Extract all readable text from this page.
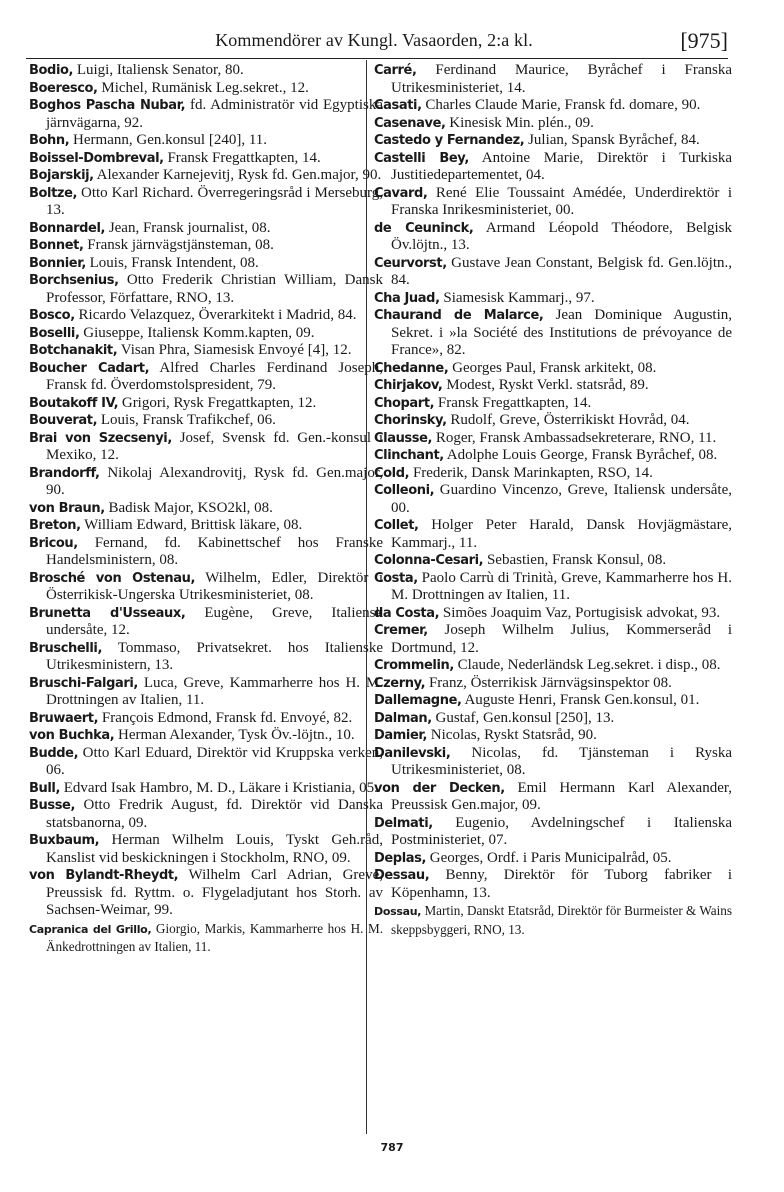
Kommendörer av Kungl. Vasaorden, 2:a kl.	[975]

Bodio, Luigi, Italiensk Senator, 80.

Boeresco, Michel, Rumänisk Leg.sekret., 12.

Boghos Pascha Nubar, fd. Administratör vid Egyptiska järnvägarna, 92.

Bohn, Hermann, Gen.konsul [240], 11.

Boissel-Dombreval, Fransk Fregattkapten, 14.

Bojarskij, Alexander Karnejevitj, Rysk fd. Gen.major, 90.

Boltze, Otto Karl Richard. Överregeringsråd i Merseburg, 13.

Bonnardel, Jean, Fransk journalist, 08.

Bonnet, Fransk järnvägstjänsteman, 08.

Bonnier, Louis, Fransk Intendent, 08.

Borchsenius, Otto Frederik Christian William, Dansk Professor, Författare, RNO, 13.

Bosco, Ricardo Velazquez, Överarkitekt i Madrid, 84.

Boselli, Giuseppe, Italiensk Komm.kapten, 09.

Botchanakit, Visan Phra, Siamesisk Envoyé [4], 12.

Boucher Cadart, Alfred Charles Ferdinand Joseph, Fransk fd. Överdomstolspresident, 79.

Boutakoff IV, Grigori, Rysk Fregattkapten, 12.

Bouverat, Louis, Fransk Trafikchef, 06.

Brai von Szecsenyi, Josef, Svensk fd. Gen.-konsul i Mexiko, 12.

Brandorff, Nikolaj Alexandrovitj, Rysk fd. Gen.major, 90.

von Braun, Badisk Major, KSO2kl, 08.

Breton, William Edward, Brittisk läkare, 08.

Bricou, Fernand, fd. Kabinettschef hos Franske Handelsministern, 08.

Brosché von Ostenau, Wilhelm, Edler, Direktör i Österrikisk-Ungerska Utrikesministeriet, 08.

Brunetta d'Usseaux, Eugène, Greve, Italiensk undersåte, 12.

Bruschelli, Tommaso, Privatsekret. hos Italienske Utrikesministern, 13.

Bruschi-Falgari, Luca, Greve, Kammarherre hos H. M. Drottningen av Italien, 11.

Bruwaert, François Edmond, Fransk fd. Envoyé, 82.

von Buchka, Herman Alexander, Tysk Öv.-löjtn., 10.

Budde, Otto Karl Eduard, Direktör vid Kruppska verken, 06.

Bull, Edvard Isak Hambro, M. D., Läkare i Kristiania, 05.

Busse, Otto Fredrik August, fd. Direktör vid Danska statsbanorna, 09.

Buxbaum, Herman Wilhelm Louis, Tyskt Geh.råd, Kanslist vid beskickningen i Stockholm, RNO, 09.

von Bylandt-Rheydt, Wilhelm Carl Adrian, Greve, Preussisk fd. Ryttm. o. Flygeladjutant hos Storh. av Sachsen-Weimar, 99.

Capranica del Grillo, Giorgio, Markis, Kammarherre hos H. M. Änkedrottningen av Italien, 11.

Carré, Ferdinand Maurice, Byråchef i Franska Utrikesministeriet, 14.

Casati, Charles Claude Marie, Fransk fd. domare, 90.

Casenave, Kinesisk Min. plén., 09.

Castedo y Fernandez, Julian, Spansk Byråchef, 84.

Castelli Bey, Antoine Marie, Direktör i Turkiska Justitiedepartementet, 04.

Cavard, René Elie Toussaint Amédée, Underdirektör i Franska Inrikesministeriet, 00.

de Ceuninck, Armand Léopold Théodore, Belgisk Öv.löjtn., 13.

Ceurvorst, Gustave Jean Constant, Belgisk fd. Gen.löjtn., 84.

Cha Juad, Siamesisk Kammarj., 97.

Chaurand de Malarce, Jean Dominique Augustin, Sekret. i »la Société des Institutions de prévoyance de France», 82.

Chedanne, Georges Paul, Fransk arkitekt, 08.

Chirjakov, Modest, Ryskt Verkl. statsråd, 89.

Chopart, Fransk Fregattkapten, 14.

Chorinsky, Rudolf, Greve, Österrikiskt Hovråd, 04.

Clausse, Roger, Fransk Ambassadsekreterare, RNO, 11.

Clinchant, Adolphe Louis George, Fransk Byråchef, 08.

Cold, Frederik, Dansk Marinkapten, RSO, 14.

Colleoni, Guardino Vincenzo, Greve, Italiensk undersåte, 00.

Collet, Holger Peter Harald, Dansk Hovjägmästare, Kammarj., 11.

Colonna-Cesari, Sebastien, Fransk Konsul, 08.

Costa, Paolo Carrù di Trinità, Greve, Kammarherre hos H. M. Drottningen av Italien, 11.

da Costa, Simões Joaquim Vaz, Portugisisk advokat, 93.

Cremer, Joseph Wilhelm Julius, Kommerseråd i Dortmund, 12.

Crommelin, Claude, Nederländsk Leg.sekret. i disp., 08.

Czerny, Franz, Österrikisk Järnvägsinspektor 08.

Dallemagne, Auguste Henri, Fransk Gen.konsul, 01.

Dalman, Gustaf, Gen.konsul [250], 13.

Damier, Nicolas, Ryskt Statsråd, 90.

Danilevski, Nicolas, fd. Tjänsteman i Ryska Utrikesministeriet, 08.

von der Decken, Emil Hermann Karl Alexander, Preussisk Gen.major, 09.

Delmati, Eugenio, Avdelningschef i Italienska Postministeriet, 07.

Deplas, Georges, Ordf. i Paris Municipalråd, 05.

Dessau, Benny, Direktör för Tuborg fabriker i Köpenhamn, 13.

Dossau, Martin, Danskt Etatsråd, Direktör för Burmeister & Wains skeppsbyggeri, RNO, 13.

787
